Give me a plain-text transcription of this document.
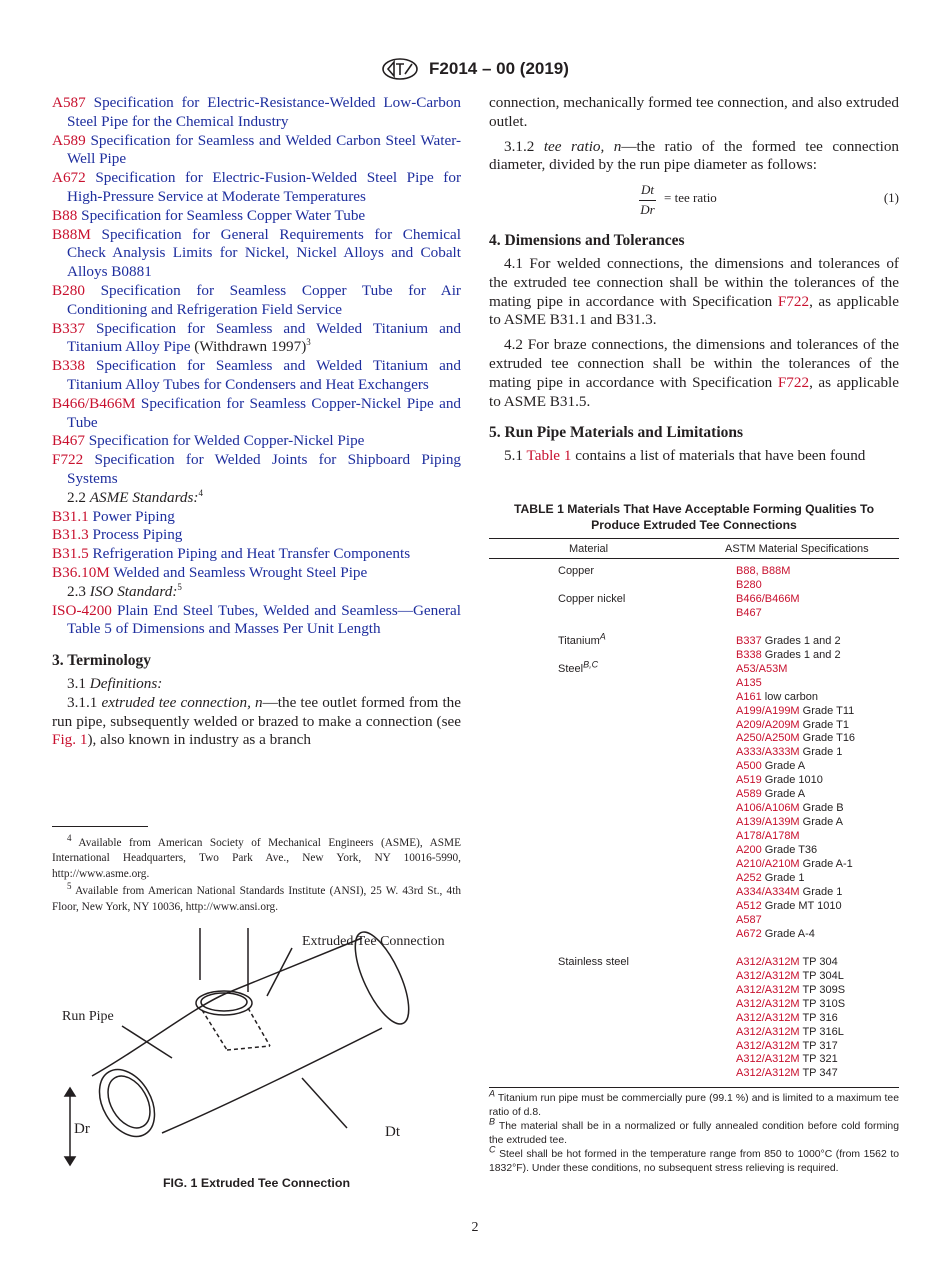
F2014 – 00 (2019)
A587 Specification for Electric-Resistance-Welded Low-Carbon Steel Pipe for the Chemical Industry
A589 Specification for Seamless and Welded Carbon Steel Water-Well Pipe
A672 Specification for Electric-Fusion-Welded Steel Pipe for High-Pressure Service at Moderate Temperatures
B88 Specification for Seamless Copper Water Tube
B88M Specification for General Requirements for Chemical Check Analysis Limits for Nickel, Nickel Alloys and Cobalt Alloys B0881
B280 Specification for Seamless Copper Tube for Air Conditioning and Refrigeration Field Service
B337 Specification for Seamless and Welded Titanium and Titanium Alloy Pipe (Withdrawn 1997)$^3$
B338 Specification for Seamless and Welded Titanium and Titanium Alloy Tubes for Condensers and Heat Exchangers
B466/B466M Specification for Seamless Copper-Nickel Pipe and Tube
B467 Specification for Welded Copper-Nickel Pipe
F722 Specification for Welded Joints for Shipboard Piping Systems
2.2 ASME Standards:$^4$
B31.1 Power Piping
B31.3 Process Piping
B31.5 Refrigeration Piping and Heat Transfer Components
B36.10M Welded and Seamless Wrought Steel Pipe
2.3 ISO Standard:$^5$
ISO-4200 Plain End Steel Tubes, Welded and Seamless—General Table 5 of Dimensions and Masses Per Unit Length
3. Terminology

3.1 Definitions:

3.1.1 extruded tee connection, n—the tee outlet formed from the run pipe, subsequently welded or brazed to make a connection (see Fig. 1), also known in industry as a branch

$^4$ Available from American Society of Mechanical Engineers (ASME), ASME International Headquarters, Two Park Ave., New York, NY 10016-5990, http://www.asme.org.

$^5$ Available from American National Standards Institute (ANSI), 25 W. 43rd St., 4th Floor, New York, NY 10036, http://www.ansi.org.

Extruded Tee Connection
Run Pipe
Dr	Dt
FIG. 1 Extruded Tee Connection

connection, mechanically formed tee connection, and also extruded outlet.

3.1.2 tee ratio, n—the ratio of the formed tee connection diameter, divided by the run pipe diameter as follows:

$\frac{Dt}{Dr}$ = tee ratio	(1)
4. Dimensions and Tolerances

4.1 For welded connections, the dimensions and tolerances of the extruded tee connection shall be within the tolerances of the mating pipe in accordance with Specification F722, as applicable to ASME B31.1 and B31.3.

4.2 For braze connections, the dimensions and tolerances of the extruded tee connection shall be within the tolerances of the mating pipe in accordance with Specification F722, as applicable to ASME B31.5.

5. Run Pipe Materials and Limitations

5.1 Table 1 contains a list of materials that have been found

TABLE 1 Materials That Have Acceptable Forming Qualities To Produce Extruded Tee Connections
Material	ASTM Material Specifications
Copper	B88, B88M
B280
Copper nickel	B466/B466M
B467
Titanium$^A$	B337 Grades 1 and 2
B338 Grades 1 and 2
Steel$^{B,C}$	A53/A53M
A135
A161 low carbon
A199/A199M Grade T11
A209/A209M Grade T1
A250/A250M Grade T16
A333/A333M Grade 1
A500 Grade A
A519 Grade 1010
A589 Grade A
A106/A106M Grade B
A139/A139M Grade A
A178/A178M
A200 Grade T36
A210/A210M Grade A-1
A252 Grade 1
A334/A334M Grade 1
A512 Grade MT 1010
A587
A672 Grade A-4
Stainless steel	A312/A312M TP 304
A312/A312M TP 304L
A312/A312M TP 309S
A312/A312M TP 310S
A312/A312M TP 316
A312/A312M TP 316L
A312/A312M TP 317
A312/A312M TP 321
A312/A312M TP 347

$^A$ Titanium run pipe must be commercially pure (99.1 %) and is limited to a maximum tee ratio of d.8.

$^B$ The material shall be in a normalized or fully annealed condition before cold forming the extruded tee.

$^C$ Steel shall be hot formed in the temperature range from 850 to 1000°C (from 1562 to 1832°F). Under these conditions, no subsequent stress relieving is required.

2
